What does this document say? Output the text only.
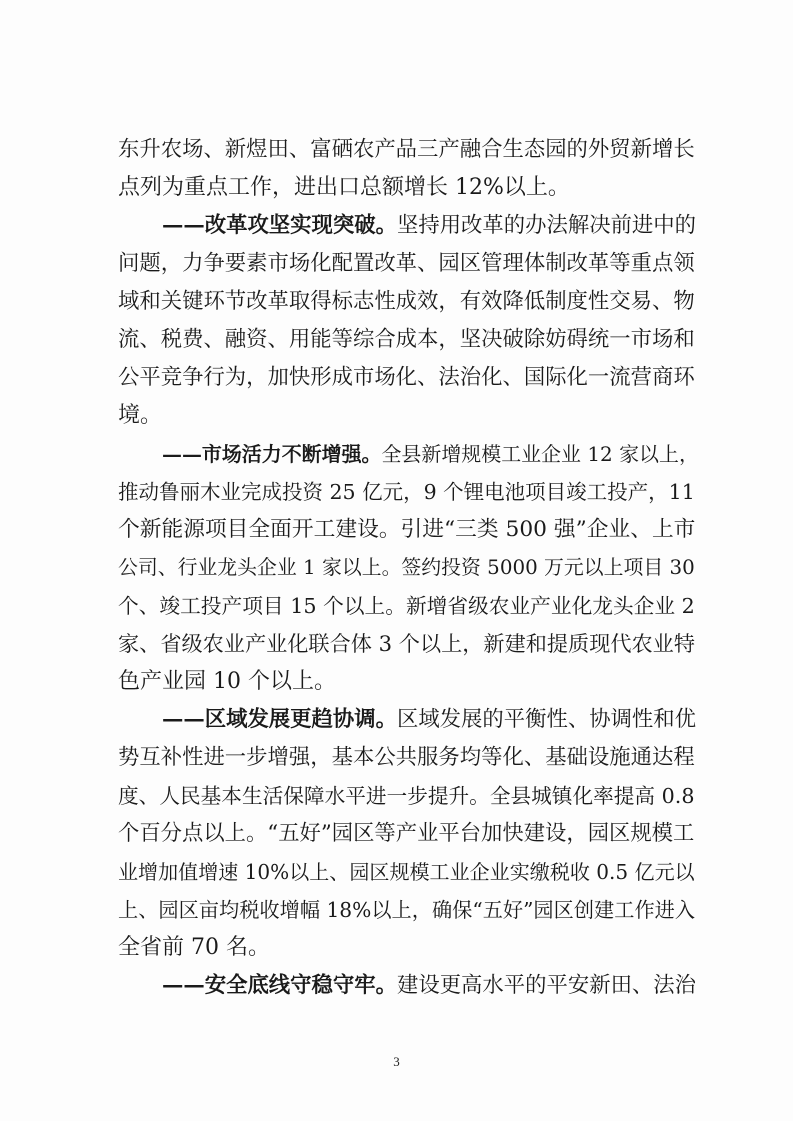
东升农场、新煜田、富硒农产品三产融合生态园的外贸新增长
点列为重点工作，进出口总额增长 12%以上。
——改革攻坚实现突破。坚持用改革的办法解决前进中的
问题，力争要素市场化配置改革、园区管理体制改革等重点领
域和关键环节改革取得标志性成效，有效降低制度性交易、物
流、税费、融资、用能等综合成本，坚决破除妨碍统一市场和
公平竞争行为，加快形成市场化、法治化、国际化一流营商环
境。
——市场活力不断增强。全县新增规模工业企业 12 家以上，
推动鲁丽木业完成投资 25 亿元，9 个锂电池项目竣工投产，11
个新能源项目全面开工建设。引进“三类 500 强”企业、上市
公司、行业龙头企业 1 家以上。签约投资 5000 万元以上项目 30
个、竣工投产项目 15 个以上。新增省级农业产业化龙头企业 2
家、省级农业产业化联合体 3 个以上，新建和提质现代农业特
色产业园 10 个以上。
——区域发展更趋协调。区域发展的平衡性、协调性和优
势互补性进一步增强，基本公共服务均等化、基础设施通达程
度、人民基本生活保障水平进一步提升。全县城镇化率提高 0.8
个百分点以上。“五好”园区等产业平台加快建设，园区规模工
业增加值增速 10%以上、园区规模工业企业实缴税收 0.5 亿元以
上、园区亩均税收增幅 18%以上，确保“五好”园区创建工作进入
全省前 70 名。
——安全底线守稳守牢。建设更高水平的平安新田、法治
3
